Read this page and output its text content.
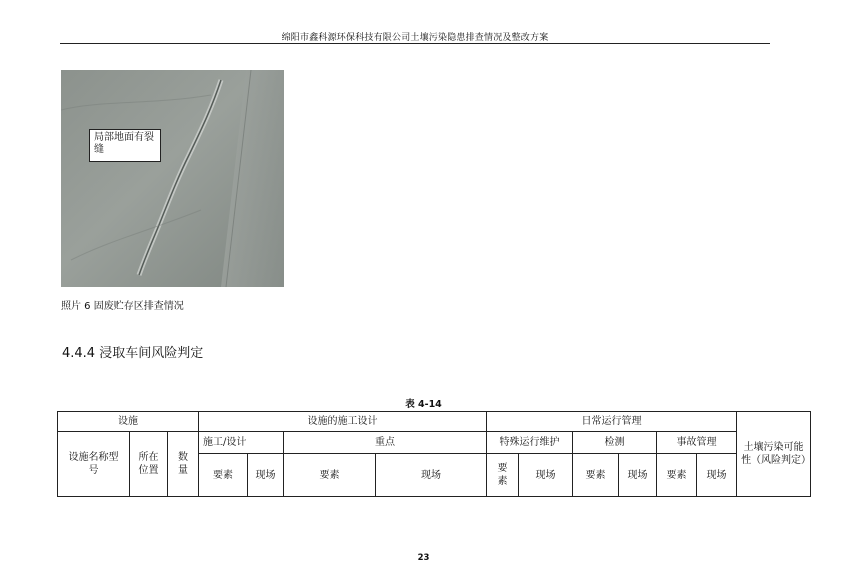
绵阳市鑫科源环保科技有限公司土壤污染隐患排查情况及整改方案
局部地面有裂缝
照片 6 固废贮存区排查情况
4.4.4 浸取车间风险判定
表 4-14
设施			设施的施工设计				日常运行管理						土壤污染可能性（风险判定）
设施名称型号	所在位置	数量	施工/设计		重点		特殊运行维护		检测		事故管理		
			要素	现场	要素	现场	要素	现场	要素	现场	要素	现场	
23
